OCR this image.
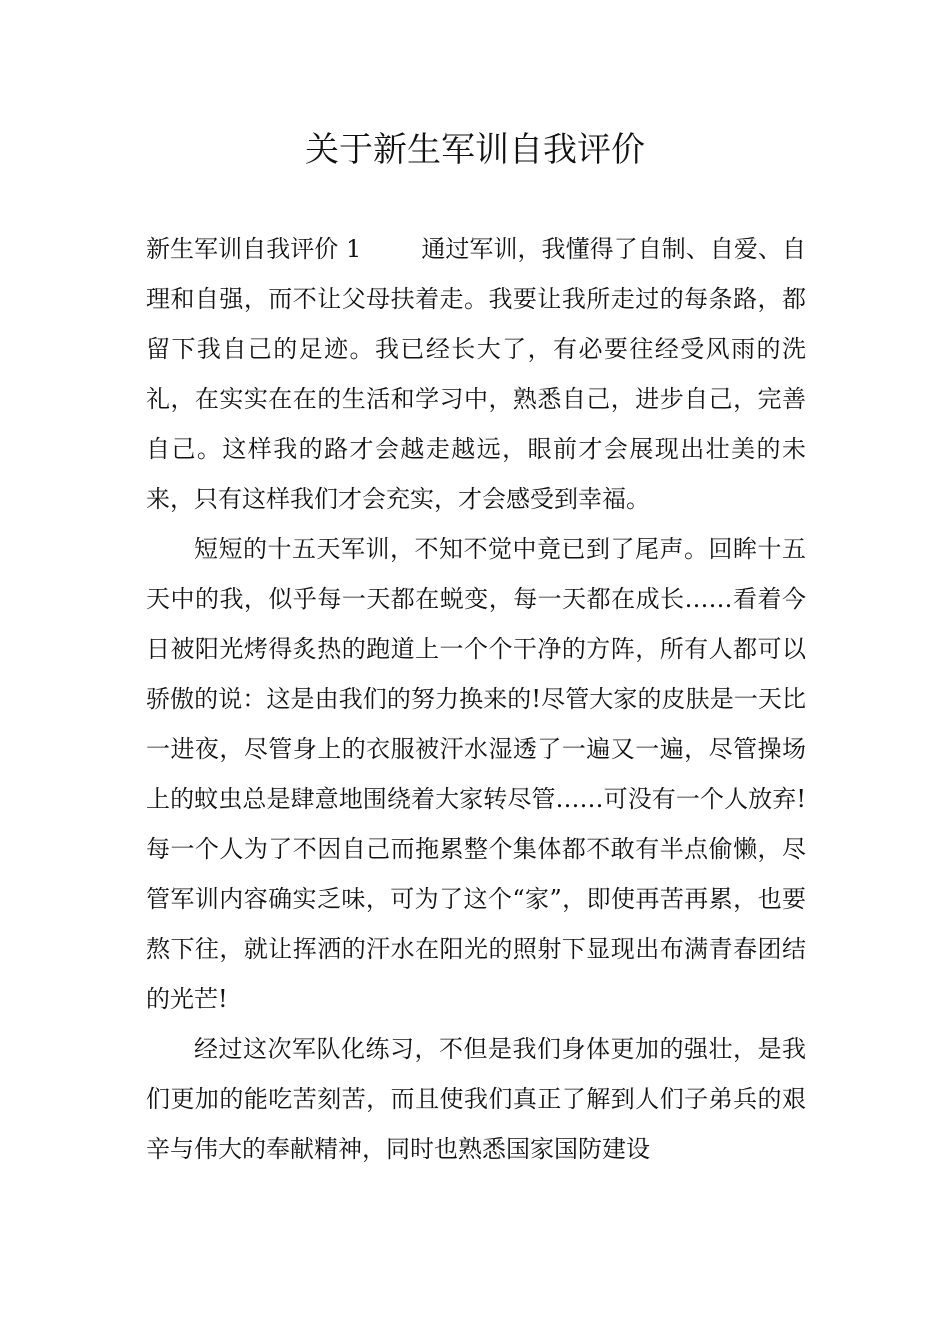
关于新生军训自我评价

新生军训自我评价 1	通过军训，我懂得了自制、自爱、自理和自强，而不让父母扶着走。我要让我所走过的每条路，都留下我自己的足迹。我已经长大了，有必要往经受风雨的洗礼，在实实在在的生活和学习中，熟悉自己，进步自己，完善自己。这样我的路才会越走越远，眼前才会展现出壮美的未来，只有这样我们才会充实，才会感受到幸福。

短短的十五天军训，不知不觉中竟已到了尾声。回眸十五天中的我，似乎每一天都在蜕变，每一天都在成长……看着今日被阳光烤得炙热的跑道上一个个干净的方阵，所有人都可以骄傲的说：这是由我们的努力换来的!尽管大家的皮肤是一天比一进夜，尽管身上的衣服被汗水湿透了一遍又一遍，尽管操场上的蚊虫总是肆意地围绕着大家转尽管……可没有一个人放弃!每一个人为了不因自己而拖累整个集体都不敢有半点偷懒，尽管军训内容确实乏味，可为了这个“家”，即使再苦再累，也要熬下往，就让挥洒的汗水在阳光的照射下显现出布满青春团结的光芒!

经过这次军队化练习，不但是我们身体更加的强壮，是我们更加的能吃苦刻苦，而且使我们真正了解到人们子弟兵的艰辛与伟大的奉献精神，同时也熟悉国家国防建设
